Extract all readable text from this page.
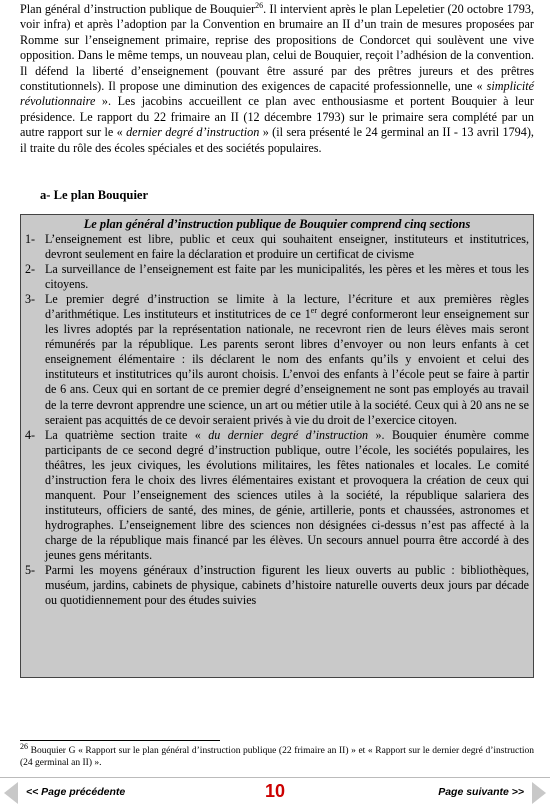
Plan général d’instruction publique de Bouquier$^{26}$. Il intervient après le plan Lepeletier (20 octobre 1793, voir infra) et après l’adoption par la Convention en brumaire an II d’un train de mesures proposées par Romme sur l’enseignement primaire, reprise des propositions de Condorcet qui soulèvent une vive opposition. Dans le même temps, un nouveau plan, celui de Bouquier, reçoit l’adhésion de la convention. Il défend la liberté d’enseignement (pouvant être assuré par des prêtres jureurs et des prêtres constitutionnels). Il propose une diminution des exigences de capacité professionnelle, une « simplicité révolutionnaire ». Les jacobins accueillent ce plan avec enthousiasme et portent Bouquier à leur présidence. Le rapport du 22 frimaire an II (12 décembre 1793) sur le primaire sera complété par un autre rapport sur le « dernier degré d’instruction » (il sera présenté le 24 germinal an II - 13 avril 1794), il traite du rôle des écoles spéciales et des sociétés populaires.
a- Le plan Bouquier
Le plan général d’instruction publique de Bouquier comprend cinq sections
1- L’enseignement est libre, public et ceux qui souhaitent enseigner, instituteurs et institutrices, devront seulement en faire la déclaration et produire un certificat de civisme
2- La surveillance de l’enseignement est faite par les municipalités, les pères et les mères et tous les citoyens.
3- Le premier degré d’instruction se limite à la lecture, l’écriture et aux premières règles d’arithmétique. Les instituteurs et institutrices de ce 1er degré conformeront leur enseignement sur les livres adoptés par la représentation nationale, ne recevront rien de leurs élèves mais seront rémunérés par la république. Les parents seront libres d’envoyer ou non leurs enfants à cet enseignement élémentaire : ils déclarent le nom des enfants qu’ils y envoient et celui des instituteurs et institutrices qu’ils auront choisis. L’envoi des enfants à l’école peut se faire à partir de 6 ans. Ceux qui en sortant de ce premier degré d’enseignement ne sont pas employés au travail de la terre devront apprendre une science, un art ou métier utile à la société. Ceux qui à 20 ans ne se seraient pas acquittés de ce devoir seraient privés à vie du droit de l’exercice citoyen.
4- La quatrième section traite « du dernier degré d’instruction ». Bouquier énumère comme participants de ce second degré d’instruction publique, outre l’école, les sociétés populaires, les théâtres, les jeux civiques, les évolutions militaires, les fêtes nationales et locales. Le comité d’instruction fera le choix des livres élémentaires existant et provoquera la création de ceux qui manquent. Pour l’enseignement des sciences utiles à la société, la république salariera des instituteurs, officiers de santé, des mines, de génie, artillerie, ponts et chaussées, astronomes et hydrographes. L’enseignement libre des sciences non désignées ci-dessus n’est pas affecté à la charge de la république mais financé par les élèves. Un secours annuel pourra être accordé à des jeunes gens méritants.
5- Parmi les moyens généraux d’instruction figurent les lieux ouverts au public : bibliothèques, muséum, jardins, cabinets de physique, cabinets d’histoire naturelle ouverts deux jours par décade ou quotidiennement pour des études suivies
$^{26}$ Bouquier G « Rapport sur le plan général d’instruction publique (22 frimaire an II) » et « Rapport sur le dernier degré d’instruction (24 germinal an II) ».
<< Page précédente	10	Page suivante >>
